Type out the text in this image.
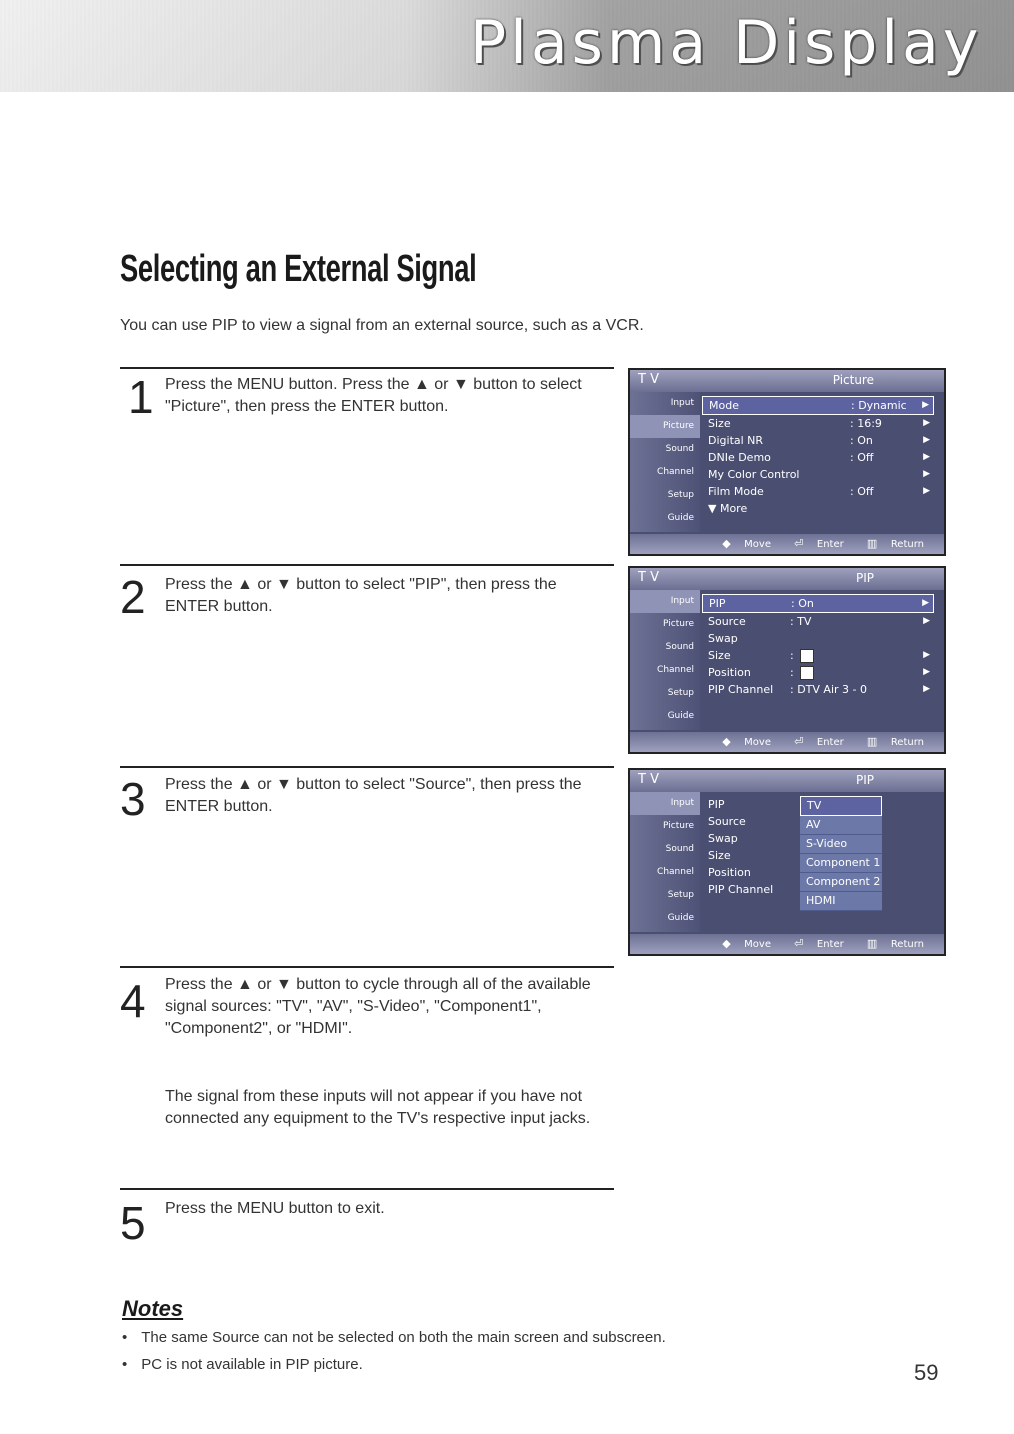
Plasma Display
Selecting an External Signal
You can use PIP to view a signal from an external source, such as a VCR.
1 Press the MENU button. Press the ▲ or ▼ button to select "Picture", then press the ENTER button.
2 Press the ▲ or ▼ button to select "PIP", then press the ENTER button.
3 Press the ▲ or ▼ button to select "Source", then press the ENTER button.
4 Press the ▲ or ▼ button to cycle through all of the available signal sources: "TV", "AV", "S-Video", "Component1", "Component2", or "HDMI".
The signal from these inputs will not appear if you have not connected any equipment to the TV's respective input jacks.
5 Press the MENU button to exit.
T V	Picture
Input
Picture
Sound
Channel
Setup
Guide
Mode	: Dynamic ▶
Size	: 16:9	▶
Digital NR	: On	▶
DNIe Demo	: Off	▶
My Color Control	▶
Film Mode	: Off	▶
▼ More
◆ Move ⏎ Enter ▥ Return
T V	PIP
Input
Picture
Sound
Channel
Setup
Guide
PIP	: On	▶
Source	: TV	▶
Swap
Size	:	▶
Position	:	▶
PIP Channel : DTV Air 3 - 0	▶
◆ Move ⏎ Enter ▥ Return
T V	PIP
Input
Picture
Sound
Channel
Setup
Guide
PIP
Source
Swap
Size
Position
PIP Channel
TV
AV
S-Video
Component 1
Component 2
HDMI
◆ Move ⏎ Enter ▥ Return
Notes
• The same Source can not be selected on both the main screen and subscreen.
• PC is not available in PIP picture.	59
